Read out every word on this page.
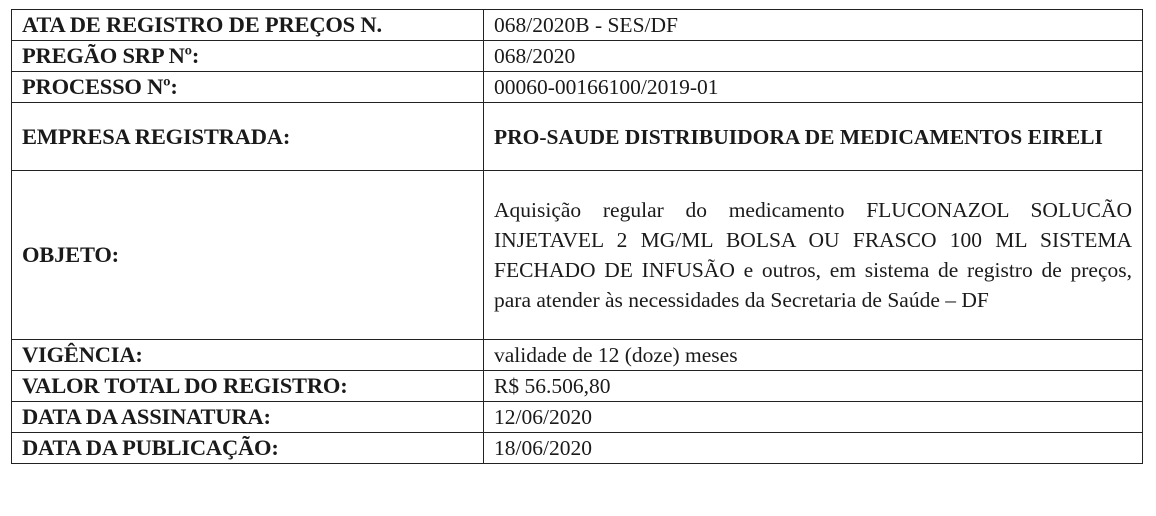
ATA DE REGISTRO DE PREÇOS N.	068/2020B - SES/DF
PREGÃO SRP Nº:	068/2020
PROCESSO Nº:	00060-00166100/2019-01
EMPRESA REGISTRADA:	PRO-SAUDE DISTRIBUIDORA DE MEDICAMENTOS EIRELI
OBJETO:	Aquisição regular do medicamento FLUCONAZOL SOLUCÃO INJETAVEL 2 MG/ML BOLSA OU FRASCO 100 ML SISTEMA FECHADO DE INFUSÃO e outros, em sistema de registro de preços, para atender às necessidades da Secretaria de Saúde – DF
VIGÊNCIA:	validade de 12 (doze) meses
VALOR TOTAL DO REGISTRO:	R$ 56.506,80
DATA DA ASSINATURA:	12/06/2020
DATA DA PUBLICAÇÃO:	18/06/2020
